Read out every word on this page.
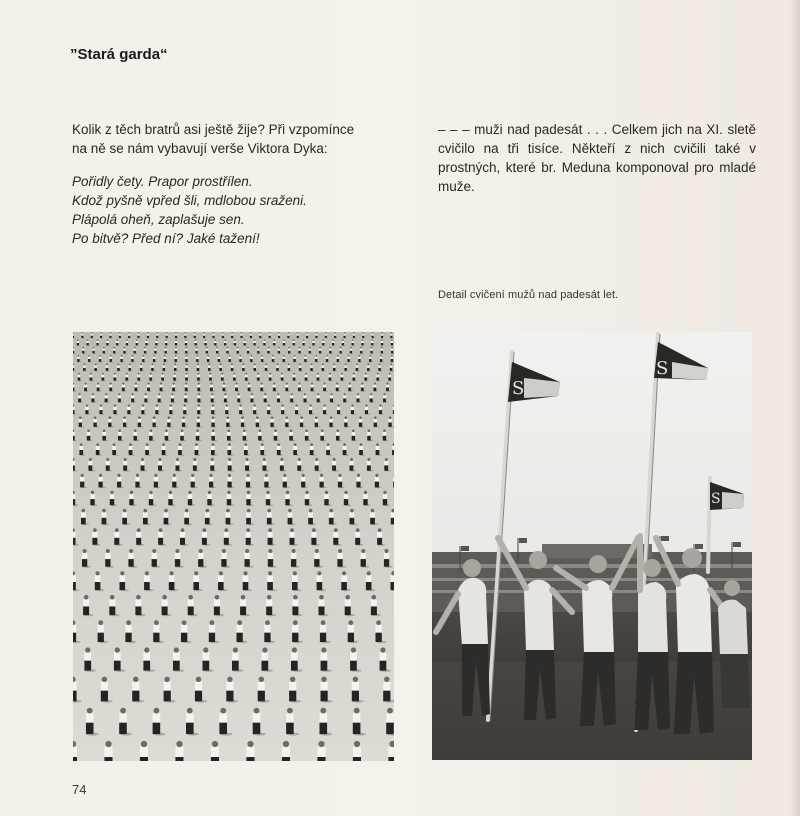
”Stará garda“

Kolik z těch bratrů asi ještě žije? Při vzpomínce

na ně se nám vybavují verše Viktora Dyka:

Pořidly čety. Prapor prostřílen.
Kdož pyšně vpřed šli, mdlobou sraženi.
Plápolá oheň, zaplašuje sen.
Po bitvě? Před ní? Jaké tažení!

– – – muži nad padesát . . . Celkem jich na XI. sletě cvičilo na tři tisíce. Někteří z nich cvičili také v prostných, které br. Meduna komponoval pro mladé muže.

Detail cvičení mužů nad padesát let.
S
S
S
74
